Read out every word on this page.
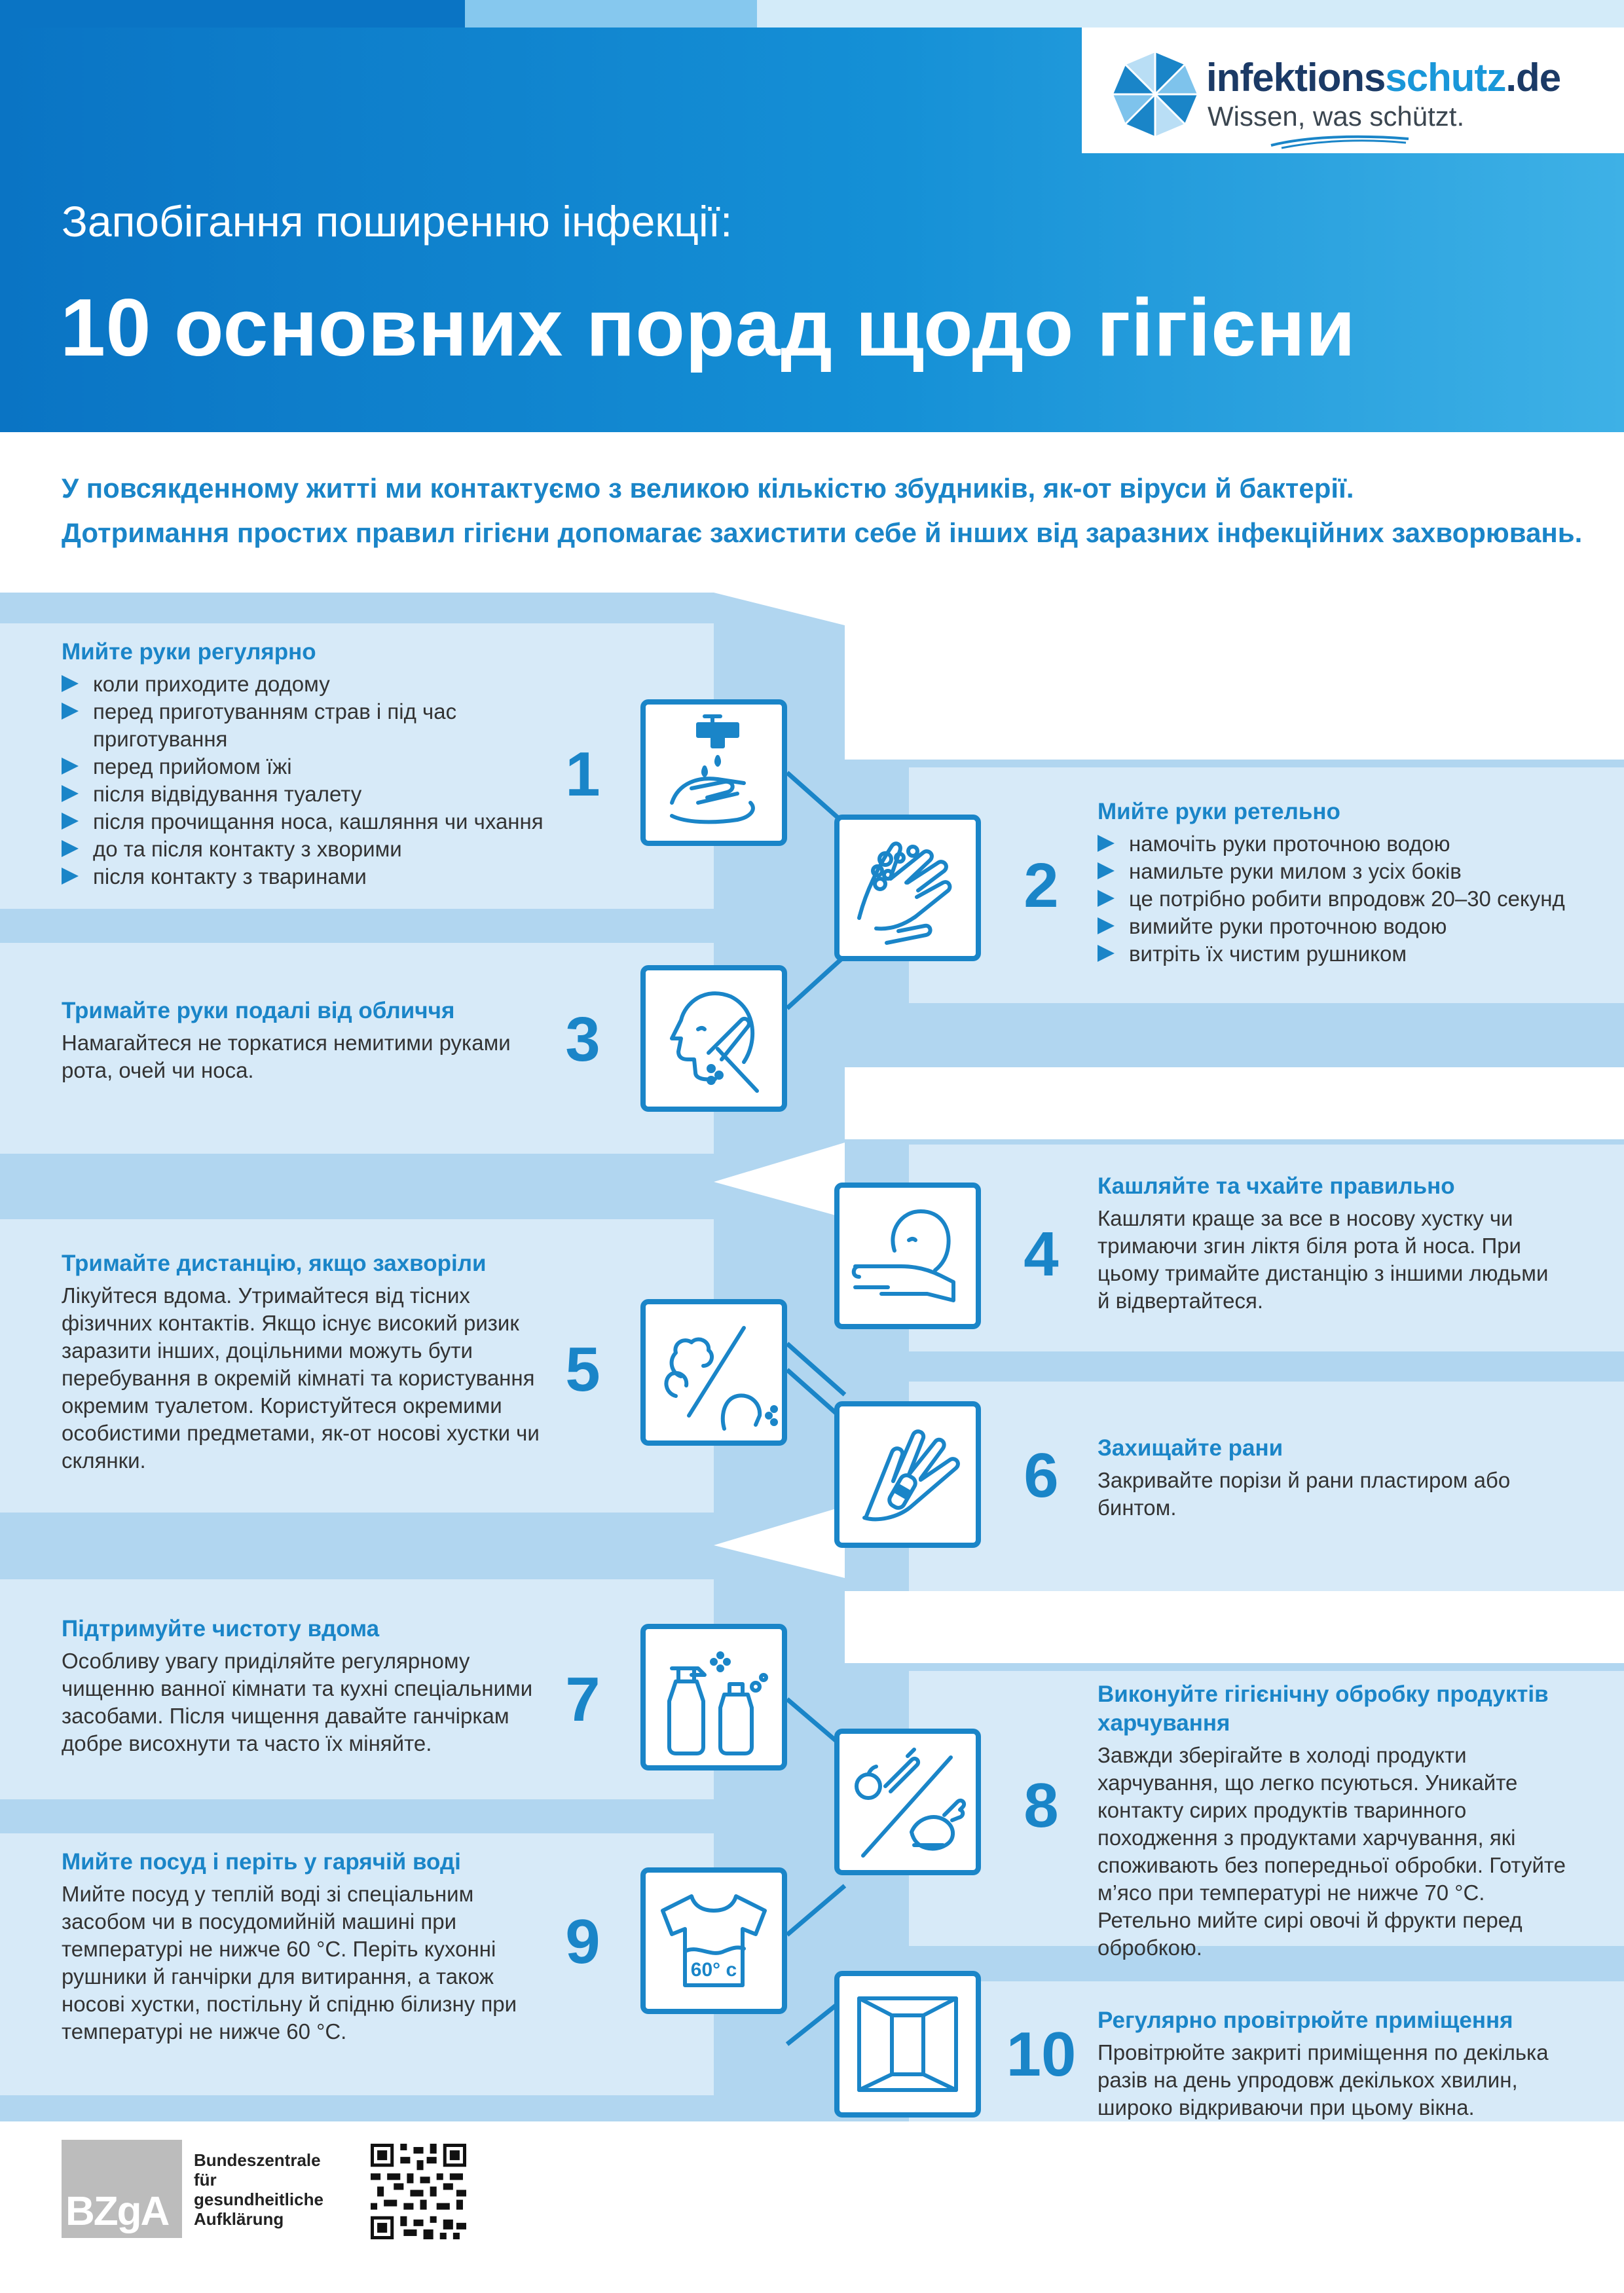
infektionsschutz.de
Wissen, was schützt.
Запобігання поширенню інфекції:
10 основних порад щодо гігієни
У повсякденному житті ми контактуємо з великою кількістю збудників, як-от віруси й бактерії.
Дотримання простих правил гігієни допомагає захистити себе й інших від заразних інфекційних захворювань.
60° c
1
2
3
4
5
6
7
8
9
10
Мийте руки регулярно
коли приходите додому
перед приготуванням страв і під час приготування
перед прийомом їжі
після відвідування туалету
після прочищання носа, кашляння чи чхання
до та після контакту з хворими
після контакту з тваринами
Мийте руки ретельно
намочіть руки проточною водою
намильте руки милом з усіх боків
це потрібно робити впродовж 20–30 секунд
вимийте руки проточною водою
витріть їх чистим рушником
Тримайте руки подалі від обличчя

Намагайтеся не торкатися немитими руками рота, очей чи носа.

Кашляйте та чхайте правильно

Кашляти краще за все в носову хустку чи тримаючи згин ліктя біля рота й носа. При цьому тримайте дистанцію з іншими людьми й відвертайтеся.

Тримайте дистанцію, якщо захворіли

Лікуйтеся вдома. Утримайтеся від тісних фізичних контактів. Якщо існує високий ризик заразити інших, доцільними можуть бути перебування в окремій кімнаті та користування окремим туалетом. Користуйтеся окремими особистими предметами, як-от носові хустки чи склянки.	Захищайте рани

Закривайте порізи й рани пластиром або бинтом.

Підтримуйте чистоту вдома

Особливу увагу приділяйте регулярному чищенню ванної кімнати та кухні спеціальними засобами. Після чищення давайте ганчіркам добре висохнути та часто їх міняйте.

Виконуйте гігієнічну обробку продуктів харчування

Завжди зберігайте в холоді продукти харчування, що легко псуються. Уникайте контакту сирих продуктів тваринного походження з продуктами харчування, які споживають без попередньої обробки. Готуйте м’ясо при температурі не нижче 70 °C. Ретельно мийте сирі овочі й фрукти перед обробкою.

Мийте посуд і періть у гарячій воді

Мийте посуд у теплій воді зі спеціальним засобом чи в посудомийній машині при температурі не нижче 60 °C. Періть кухонні рушники й ганчірки для витирання, а також носові хустки, постільну й спідню білизну при температурі не нижче 60 °C.	Регулярно провітрюйте приміщення

Провітрюйте закриті приміщення по декілька разів на день упродовж декількох хвилин, широко відкриваючи при цьому вікна.

BZgA
Bundeszentrale
für
gesundheitliche
Aufklärung
